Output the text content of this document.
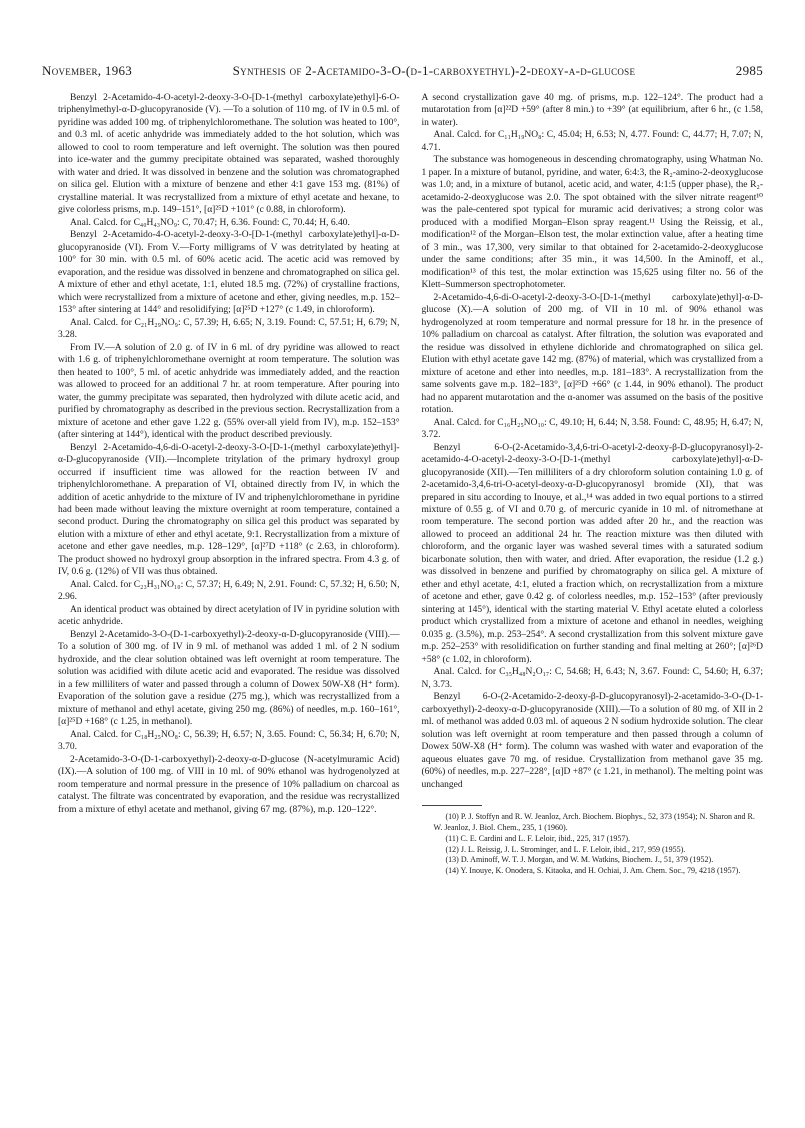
November, 1963	Synthesis of 2-Acetamido-3-O-(d-1-carboxyethyl)-2-deoxy-α-d-glucose	2985

Benzyl 2-Acetamido-4-O-acetyl-2-deoxy-3-O-[D-1-(methyl carboxylate)ethyl]-6-O-triphenylmethyl-α-D-glucopyranoside (V). —To a solution of 110 mg. of IV in 0.5 ml. of pyridine was added 100 mg. of triphenylchloromethane. The solution was heated to 100°, and 0.3 ml. of acetic anhydride was immediately added to the hot solution, which was allowed to cool to room temperature and left overnight. The solution was then poured into ice-water and the gummy precipitate obtained was separated, washed thoroughly with water and dried. It was dissolved in benzene and the solution was chromatographed on silica gel. Elution with a mixture of benzene and ether 4:1 gave 153 mg. (81%) of crystalline material. It was recrystallized from a mixture of ethyl acetate and hexane, to give colorless prisms, m.p. 149–151°, [α]²⁵D +101° (c 0.88, in chloroform).

Anal. Calcd. for C₄₀H₄₃NO₉: C, 70.47; H, 6.36. Found: C, 70.44; H, 6.40.

Benzyl 2-Acetamido-4-O-acetyl-2-deoxy-3-O-[D-1-(methyl carboxylate)ethyl]-α-D-glucopyranoside (VI). From V.—Forty milligrams of V was detritylated by heating at 100° for 30 min. with 0.5 ml. of 60% acetic acid. The acetic acid was removed by evaporation, and the residue was dissolved in benzene and chromatographed on silica gel. A mixture of ether and ethyl acetate, 1:1, eluted 18.5 mg. (72%) of crystalline fractions, which were recrystallized from a mixture of acetone and ether, giving needles, m.p. 152–153° after sintering at 144° and resolidifying; [α]²⁵D +127° (c 1.49, in chloroform).

Anal. Calcd. for C₂₁H₂₉NO₉: C, 57.39; H, 6.65; N, 3.19. Found: C, 57.51; H, 6.79; N, 3.28.

From IV.—A solution of 2.0 g. of IV in 6 ml. of dry pyridine was allowed to react with 1.6 g. of triphenylchloromethane overnight at room temperature. The solution was then heated to 100°, 5 ml. of acetic anhydride was immediately added, and the reaction was allowed to proceed for an additional 7 hr. at room temperature. After pouring into water, the gummy precipitate was separated, then hydrolyzed with dilute acetic acid, and purified by chromatography as described in the previous section. Recrystallization from a mixture of acetone and ether gave 1.22 g. (55% over-all yield from IV), m.p. 152–153° (after sintering at 144°), identical with the product described previously.

Benzyl 2-Acetamido-4,6-di-O-acetyl-2-deoxy-3-O-[D-1-(methyl carboxylate)ethyl]-α-D-glucopyranoside (VII).—Incomplete tritylation of the primary hydroxyl group occurred if insufficient time was allowed for the reaction between IV and triphenylchloromethane. A preparation of VI, obtained directly from IV, in which the addition of acetic anhydride to the mixture of IV and triphenylchloromethane in pyridine had been made without leaving the mixture overnight at room temperature, contained a second product. During the chromatography on silica gel this product was separated by elution with a mixture of ether and ethyl acetate, 9:1. Recrystallization from a mixture of acetone and ether gave needles, m.p. 128–129°, [α]²⁷D +118° (c 2.63, in chloroform). The product showed no hydroxyl group absorption in the infrared spectra. From 4.3 g. of IV, 0.6 g. (12%) of VII was thus obtained.

Anal. Calcd. for C₂₃H₃₁NO₁₀: C, 57.37; H, 6.49; N, 2.91. Found: C, 57.32; H, 6.50; N, 2.96.

An identical product was obtained by direct acetylation of IV in pyridine solution with acetic anhydride.

Benzyl 2-Acetamido-3-O-(D-1-carboxyethyl)-2-deoxy-α-D-glucopyranoside (VIII).—To a solution of 300 mg. of IV in 9 ml. of methanol was added 1 ml. of 2 N sodium hydroxide, and the clear solution obtained was left overnight at room temperature. The solution was acidified with dilute acetic acid and evaporated. The residue was dissolved in a few milliliters of water and passed through a column of Dowex 50W-X8 (H⁺ form). Evaporation of the solution gave a residue (275 mg.), which was recrystallized from a mixture of methanol and ethyl acetate, giving 250 mg. (86%) of needles, m.p. 160–161°, [α]²⁵D +168° (c 1.25, in methanol).

Anal. Calcd. for C₁₈H₂₅NO₈: C, 56.39; H, 6.57; N, 3.65. Found: C, 56.34; H, 6.70; N, 3.70.

2-Acetamido-3-O-(D-1-carboxyethyl)-2-deoxy-α-D-glucose (N-acetylmuramic Acid) (IX).—A solution of 100 mg. of VIII in 10 ml. of 90% ethanol was hydrogenolyzed at room temperature and normal pressure in the presence of 10% palladium on charcoal as catalyst. The filtrate was concentrated by evaporation, and the residue was recrystallized from a mixture of ethyl acetate and methanol, giving 67 mg. (87%), m.p. 120–122°.

A second crystallization gave 40 mg. of prisms, m.p. 122–124°. The product had a mutarotation from [α]²²D +59° (after 8 min.) to +39° (at equilibrium, after 6 hr., (c 1.58, in water).

Anal. Calcd. for C₁₁H₁₉NO₈: C, 45.04; H, 6.53; N, 4.77. Found: C, 44.77; H, 7.07; N, 4.71.

The substance was homogeneous in descending chromatography, using Whatman No. 1 paper. In a mixture of butanol, pyridine, and water, 6:4:3, the R₂-amino-2-deoxyglucose was 1.0; and, in a mixture of butanol, acetic acid, and water, 4:1:5 (upper phase), the R₂-acetamido-2-deoxyglucose was 2.0. The spot obtained with the silver nitrate reagent¹⁰ was the pale-centered spot typical for muramic acid derivatives; a strong color was produced with a modified Morgan–Elson spray reagent.¹¹ Using the Reissig, et al., modification¹² of the Morgan–Elson test, the molar extinction value, after a heating time of 3 min., was 17,300, very similar to that obtained for 2-acetamido-2-deoxyglucose under the same conditions; after 35 min., it was 14,500. In the Aminoff, et al., modification¹³ of this test, the molar extinction was 15,625 using filter no. 56 of the Klett–Summerson spectrophotometer.

2-Acetamido-4,6-di-O-acetyl-2-deoxy-3-O-[D-1-(methyl carboxylate)ethyl]-α-D-glucose (X).—A solution of 200 mg. of VII in 10 ml. of 90% ethanol was hydrogenolyzed at room temperature and normal pressure for 18 hr. in the presence of 10% palladium on charcoal as catalyst. After filtration, the solution was evaporated and the residue was dissolved in ethylene dichloride and chromatographed on silica gel. Elution with ethyl acetate gave 142 mg. (87%) of material, which was crystallized from a mixture of acetone and ether into needles, m.p. 181–183°. A recrystallization from the same solvents gave m.p. 182–183°, [α]²⁵D +66° (c 1.44, in 90% ethanol). The product had no apparent mutarotation and the α-anomer was assumed on the basis of the positive rotation.

Anal. Calcd. for C₁₆H₂₅NO₁₀: C, 49.10; H, 6.44; N, 3.58. Found: C, 48.95; H, 6.47; N, 3.72.

Benzyl 6-O-(2-Acetamido-3,4,6-tri-O-acetyl-2-deoxy-β-D-glucopyranosyl)-2-acetamido-4-O-acetyl-2-deoxy-3-O-[D-1-(methyl carboxylate)ethyl]-α-D-glucopyranoside (XII).—Ten milliliters of a dry chloroform solution containing 1.0 g. of 2-acetamido-3,4,6-tri-O-acetyl-deoxy-α-D-glucopyranosyl bromide (XI), that was prepared in situ according to Inouye, et al.,¹⁴ was added in two equal portions to a stirred mixture of 0.55 g. of VI and 0.70 g. of mercuric cyanide in 10 ml. of nitromethane at room temperature. The second portion was added after 20 hr., and the reaction was allowed to proceed an additional 24 hr. The reaction mixture was then diluted with chloroform, and the organic layer was washed several times with a saturated sodium bicarbonate solution, then with water, and dried. After evaporation, the residue (1.2 g.) was dissolved in benzene and purified by chromatography on silica gel. A mixture of ether and ethyl acetate, 4:1, eluted a fraction which, on recrystallization from a mixture of acetone and ether, gave 0.42 g. of colorless needles, m.p. 152–153° (after previously sintering at 145°), identical with the starting material V. Ethyl acetate eluted a colorless product which crystallized from a mixture of acetone and ethanol in needles, weighing 0.035 g. (3.5%), m.p. 253–254°. A second crystallization from this solvent mixture gave m.p. 252–253° with resolidification on further standing and final melting at 260°; [α]²⁶D +58° (c 1.02, in chloroform).

Anal. Calcd. for C₃₅H₄₈N₂O₁₇: C, 54.68; H, 6.43; N, 3.67. Found: C, 54.60; H, 6.37; N, 3.73.

Benzyl 6-O-(2-Acetamido-2-deoxy-β-D-glucopyranosyl)-2-acetamido-3-O-(D-1-carboxyethyl)-2-deoxy-α-D-glucopyranoside (XIII).—To a solution of 80 mg. of XII in 2 ml. of methanol was added 0.03 ml. of aqueous 2 N sodium hydroxide solution. The clear solution was left overnight at room temperature and then passed through a column of Dowex 50W-X8 (H⁺ form). The column was washed with water and evaporation of the aqueous eluates gave 70 mg. of residue. Crystallization from methanol gave 35 mg. (60%) of needles, m.p. 227–228°, [α]D +87° (c 1.21, in methanol). The melting point was unchanged

(10) P. J. Stoffyn and R. W. Jeanloz, Arch. Biochem. Biophys., 52, 373 (1954); N. Sharon and R. W. Jeanloz, J. Biol. Chem., 235, 1 (1960).

(11) C. E. Cardini and L. F. Leloir, ibid., 225, 317 (1957).

(12) J. L. Reissig, J. L. Strominger, and L. F. Leloir, ibid., 217, 959 (1955).

(13) D. Aminoff, W. T. J. Morgan, and W. M. Watkins, Biochem. J., 51, 379 (1952).

(14) Y. Inouye, K. Onodera, S. Kitaoka, and H. Ochiai, J. Am. Chem. Soc., 79, 4218 (1957).
